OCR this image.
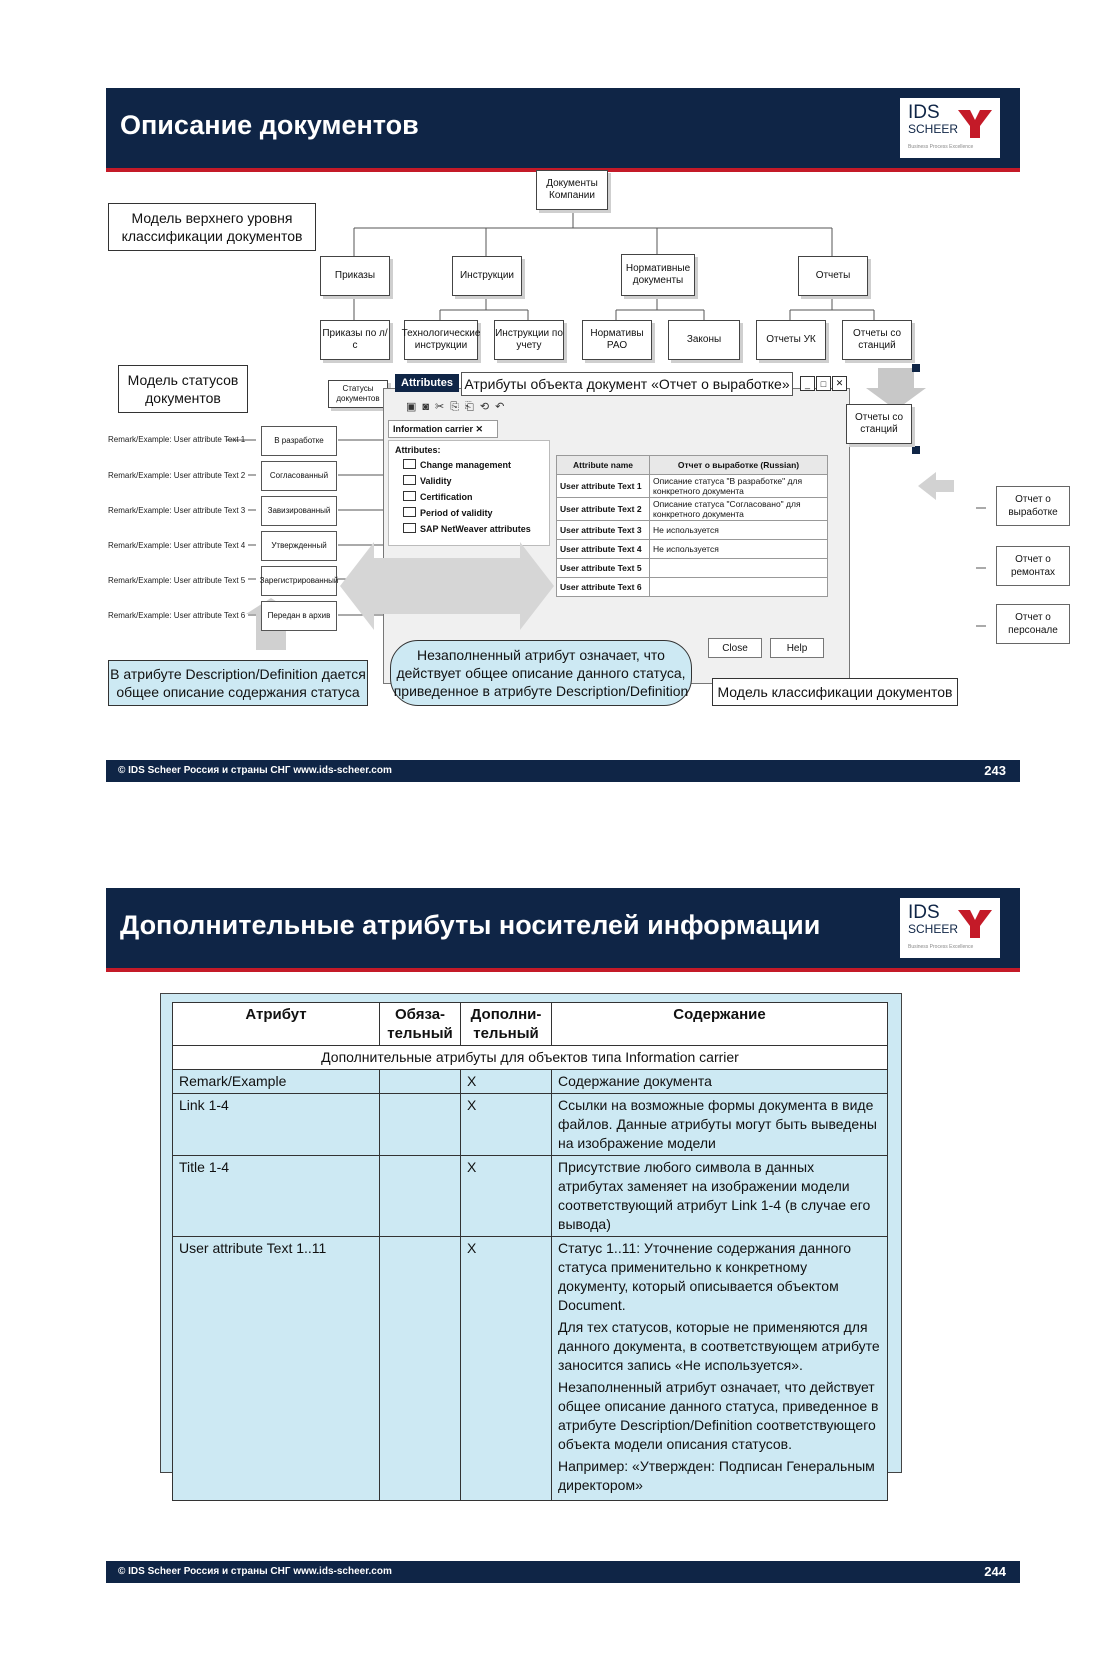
Описание документов	IDS
SCHEER
Business Process Excellence
Модель верхнего уровня классификации документов
Документы Компании
Приказы	Инструкции
Нормативные документы	Отчеты
Приказы по л/с
Технологические инструкции
Инструкции по учету
Нормативы РАО
Законы	Отчеты УК
Отчеты со станций
Модель статусов документов
Статусы документов
Remark/Example: User attribute Text 1
Remark/Example: User attribute Text 2
Remark/Example: User attribute Text 3
Remark/Example: User attribute Text 4
Remark/Example: User attribute Text 5
Remark/Example: User attribute Text 6
В разработке
Согласованный
Завизированный
Утвержденный
Зарегистрированный
Передан в архив
Attributes Атрибуты объекта документ «Отчет о выработке»	_	□	✕
▣◙✂⎘⎗⟲↶
Information carrier ✕
Attributes:
Change management
Validity
Certification
Period of validity
SAP NetWeaver attributes
Attribute name	Отчет о выработке (Russian)
User attribute Text 1	Описание статуса "В разработке" для конкретного документа
User attribute Text 2	Описание статуса "Согласовано" для конкретного документа
User attribute Text 3	Не используется
User attribute Text 4	Не используется
User attribute Text 5	
User attribute Text 6	
Close	Help
Отчеты со станций
Отчет о выработке
Отчет о ремонтах
Отчет о персонале
В атрибуте Description/Definition дается общее описание содержания статуса
Незаполненный атрибут означает, что действует общее описание данного статуса, приведенное в атрибуте Description/Definition	Модель классификации документов
© IDS Scheer Россия и страны СНГ www.ids-scheer.com	243
Дополнительные атрибуты носителей информации	IDS
SCHEER
Business Process Excellence
Атрибут	Обяза-тельный	Дополни-тельный	Содержание
Дополнительные атрибуты для объектов типа Information carrier			
Remark/Example		X	Содержание документа
Link 1-4		X	Ссылки на возможные формы документа в виде файлов. Данные атрибуты могут быть выведены на изображение модели
Title 1-4		X	Присутствие любого символа в данных атрибутах заменяет на изображении модели соответствующий атрибут Link 1-4 (в случае его вывода)
User attribute Text 1..11		X	Статус 1..11: Уточнение содержания данного статуса применительно к конкретному документу, который описывается объектом Document.
Для тех статусов, которые не применяются для данного документа, в соответствующем атрибуте заносится запись «Не используется».
Незаполненный атрибут означает, что действует общее описание данного статуса, приведенное в атрибуте Description/Definition соответствующего объекта модели описания статусов.
Например: «Утвержден: Подписан Генеральным директором»
© IDS Scheer Россия и страны СНГ www.ids-scheer.com	244
